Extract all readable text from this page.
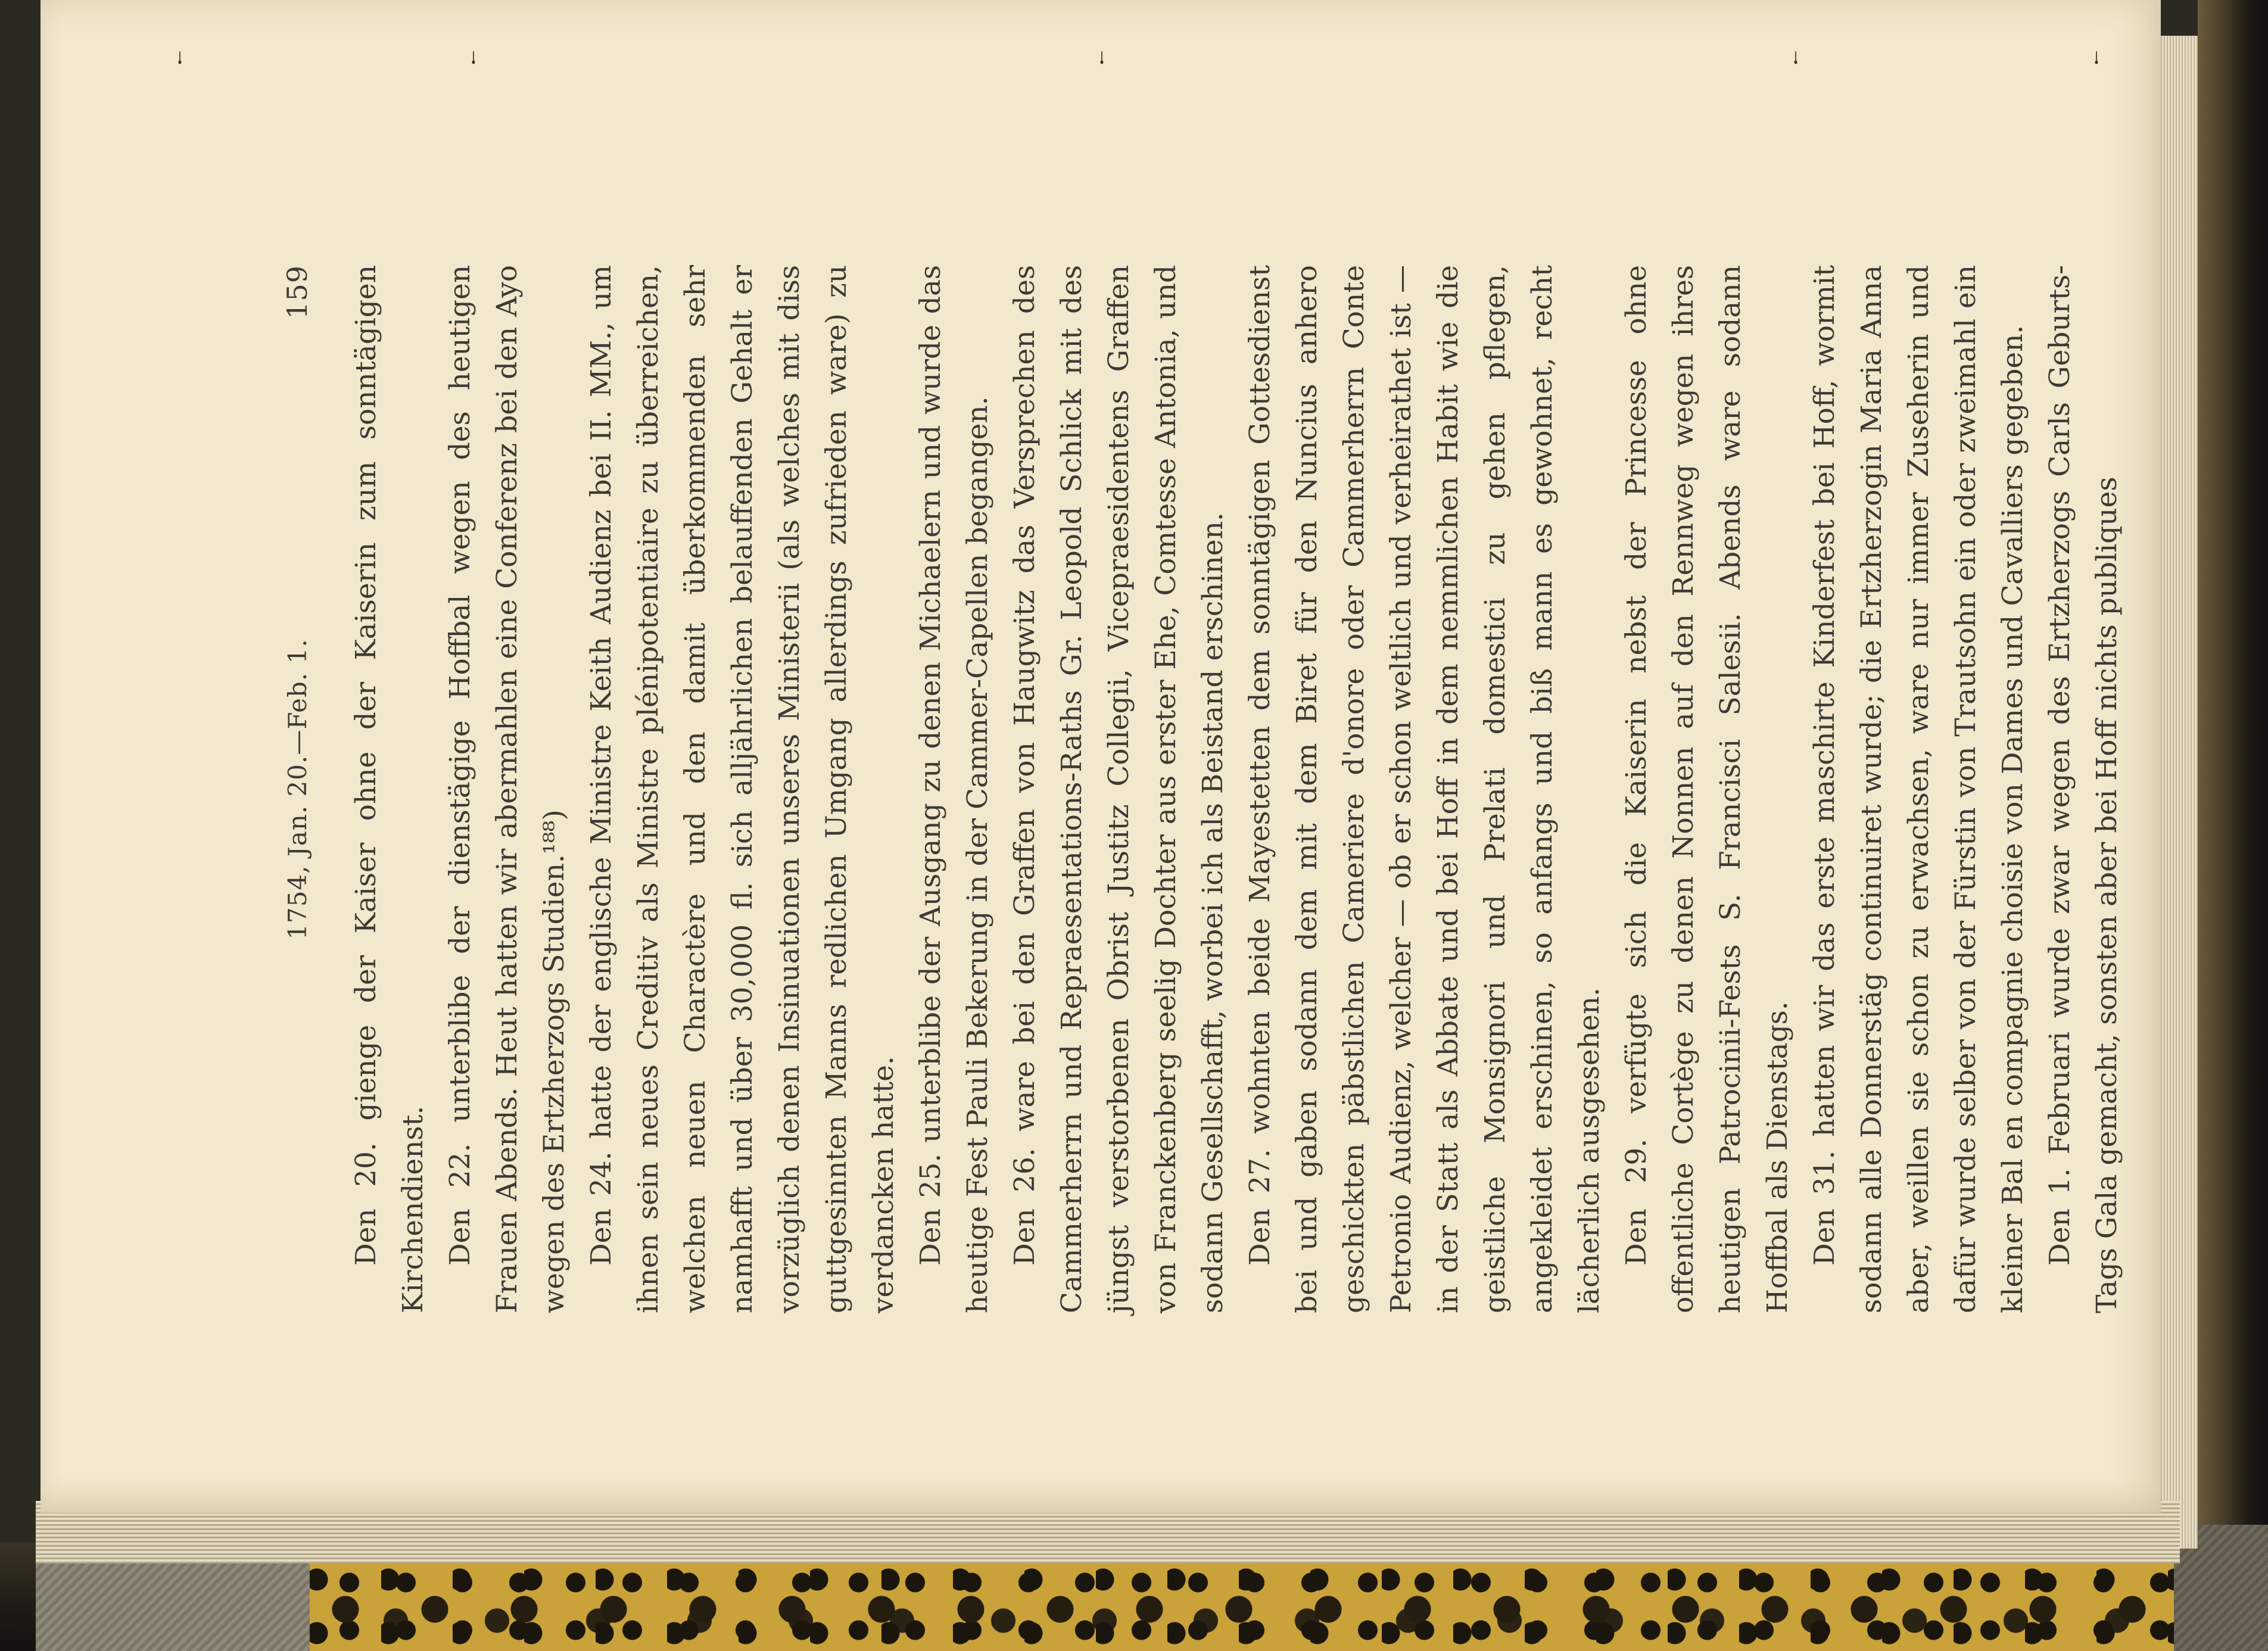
ᛍ	ᛍ	ᛍ	ᛍ	ᛍ
1754, Jan. 20.—Feb. 1.
159 Den 20. gienge der Kaiser ohne der Kaiserin zum sonntägigen Kirchendienst. Den 22. unterblibe der dienstägige Hoffbal wegen des heutigen Frauen Abends. Heut hatten wir abermahlen eine Conferenz bei den Ayo wegen des Ertzherzogs Studien.¹⁸⁸) Den 24. hatte der englische Ministre Keith Audienz bei II. MM., um ihnen sein neues Creditiv als Ministre plénipotentiaire zu überreichen, welchen neuen Charactère und den damit überkommenden sehr namhafft und über 30,000 fl. sich alljährlichen belauffenden Gehalt er vorzüglich denen Insinuationen unseres Ministerii (als welches mit diss guttgesinnten Manns redlichen Umgang allerdings zufrieden ware) zu verdancken hatte. Den 25. unterblibe der Ausgang zu denen Michaelern und wurde das heutige Fest Pauli Bekerung in der Cammer-Capellen begangen. Den 26. ware bei den Graffen von Haugwitz das Versprechen des Cammerherrn und Repraesentations-Raths Gr. Leopold Schlick mit des jüngst verstorbenen Obrist Justitz Collegii, Vicepraesidentens Graffen von Franckenberg seelig Dochter aus erster Ehe, Comtesse Antonia, und sodann Gesellschafft, worbei ich als Beistand erschinen. Den 27. wohnten beide Mayestetten dem sonntägigen Gottesdienst bei und gaben sodann dem mit dem Biret für den Nuncius anhero geschickten päbstlichen Cameriere d'onore oder Cammerherrn Conte Petronio Audienz, welcher — ob er schon weltlich und verheirathet ist — in der Statt als Abbate und bei Hoff in dem nemmlichen Habit wie die geistliche Monsignori und Prelati domestici zu gehen pflegen, angekleidet erschinen, so anfangs und biß mann es gewohnet, recht lächerlich ausgesehen. Den 29. verfügte sich die Kaiserin nebst der Princesse ohne offentliche Cortège zu denen Nonnen auf den Rennweg wegen ihres heutigen Patrocinii-Fests S. Francisci Salesii. Abends ware sodann Hoffbal als Dienstags. Den 31. hatten wir das erste maschirte Kinderfest bei Hoff, wormit sodann alle Donnerstäg continuiret wurde; die Ertzherzogin Maria Anna aber, weillen sie schon zu erwachsen, ware nur immer Zuseherin und dafür wurde selber von der Fürstin von Trautsohn ein oder zweimahl ein kleiner Bal en compagnie choisie von Dames und Cavalliers gegeben. Den 1. Februari wurde zwar wegen des Ertzherzogs Carls Geburts-Tags Gala gemacht, sonsten aber bei Hoff nichts publiques
